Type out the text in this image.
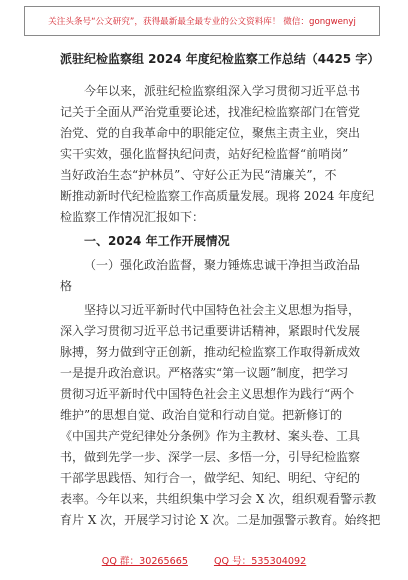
关注头条号“公文研究”，获得最新最全最专业的公文资料库！ 微信：gongwenyj
派驻纪检监察组 2024 年度纪检监察工作总结（4425 字）
今年以来，派驻纪检监察组深入学习贯彻习近平总书
记关于全面从严治党重要论述，找准纪检监察部门在管党
治党、党的自我革命中的职能定位，聚焦主责主业，突出
实干实效，强化监督执纪问责，站好纪检监督“前哨岗”
当好政治生态“护林员”、守好公正为民“清廉关”，不
断推动新时代纪检监察工作高质量发展。现将 2024 年度纪
检监察工作情况汇报如下：
一、2024 年工作开展情况
（一）强化政治监督，聚力锤炼忠诚干净担当政治品
格
坚持以习近平新时代中国特色社会主义思想为指导，
深入学习贯彻习近平总书记重要讲话精神，紧跟时代发展
脉搏，努力做到守正创新，推动纪检监察工作取得新成效
一是提升政治意识。严格落实“第一议题”制度，把学习
贯彻习近平新时代中国特色社会主义思想作为践行“两个
维护”的思想自觉、政治自觉和行动自觉。把新修订的
《中国共产党纪律处分条例》作为主教材、案头卷、工具
书，做到先学一步、深学一层、多悟一分，引导纪检监察
干部学思践悟、知行合一，做学纪、知纪、明纪、守纪的
表率。今年以来，共组织集中学习会 X 次，组织观看警示教
育片 X 次，开展学习讨论 X 次。二是加强警示教育。始终把
QQ 群：30265665	QQ 号：535304092
